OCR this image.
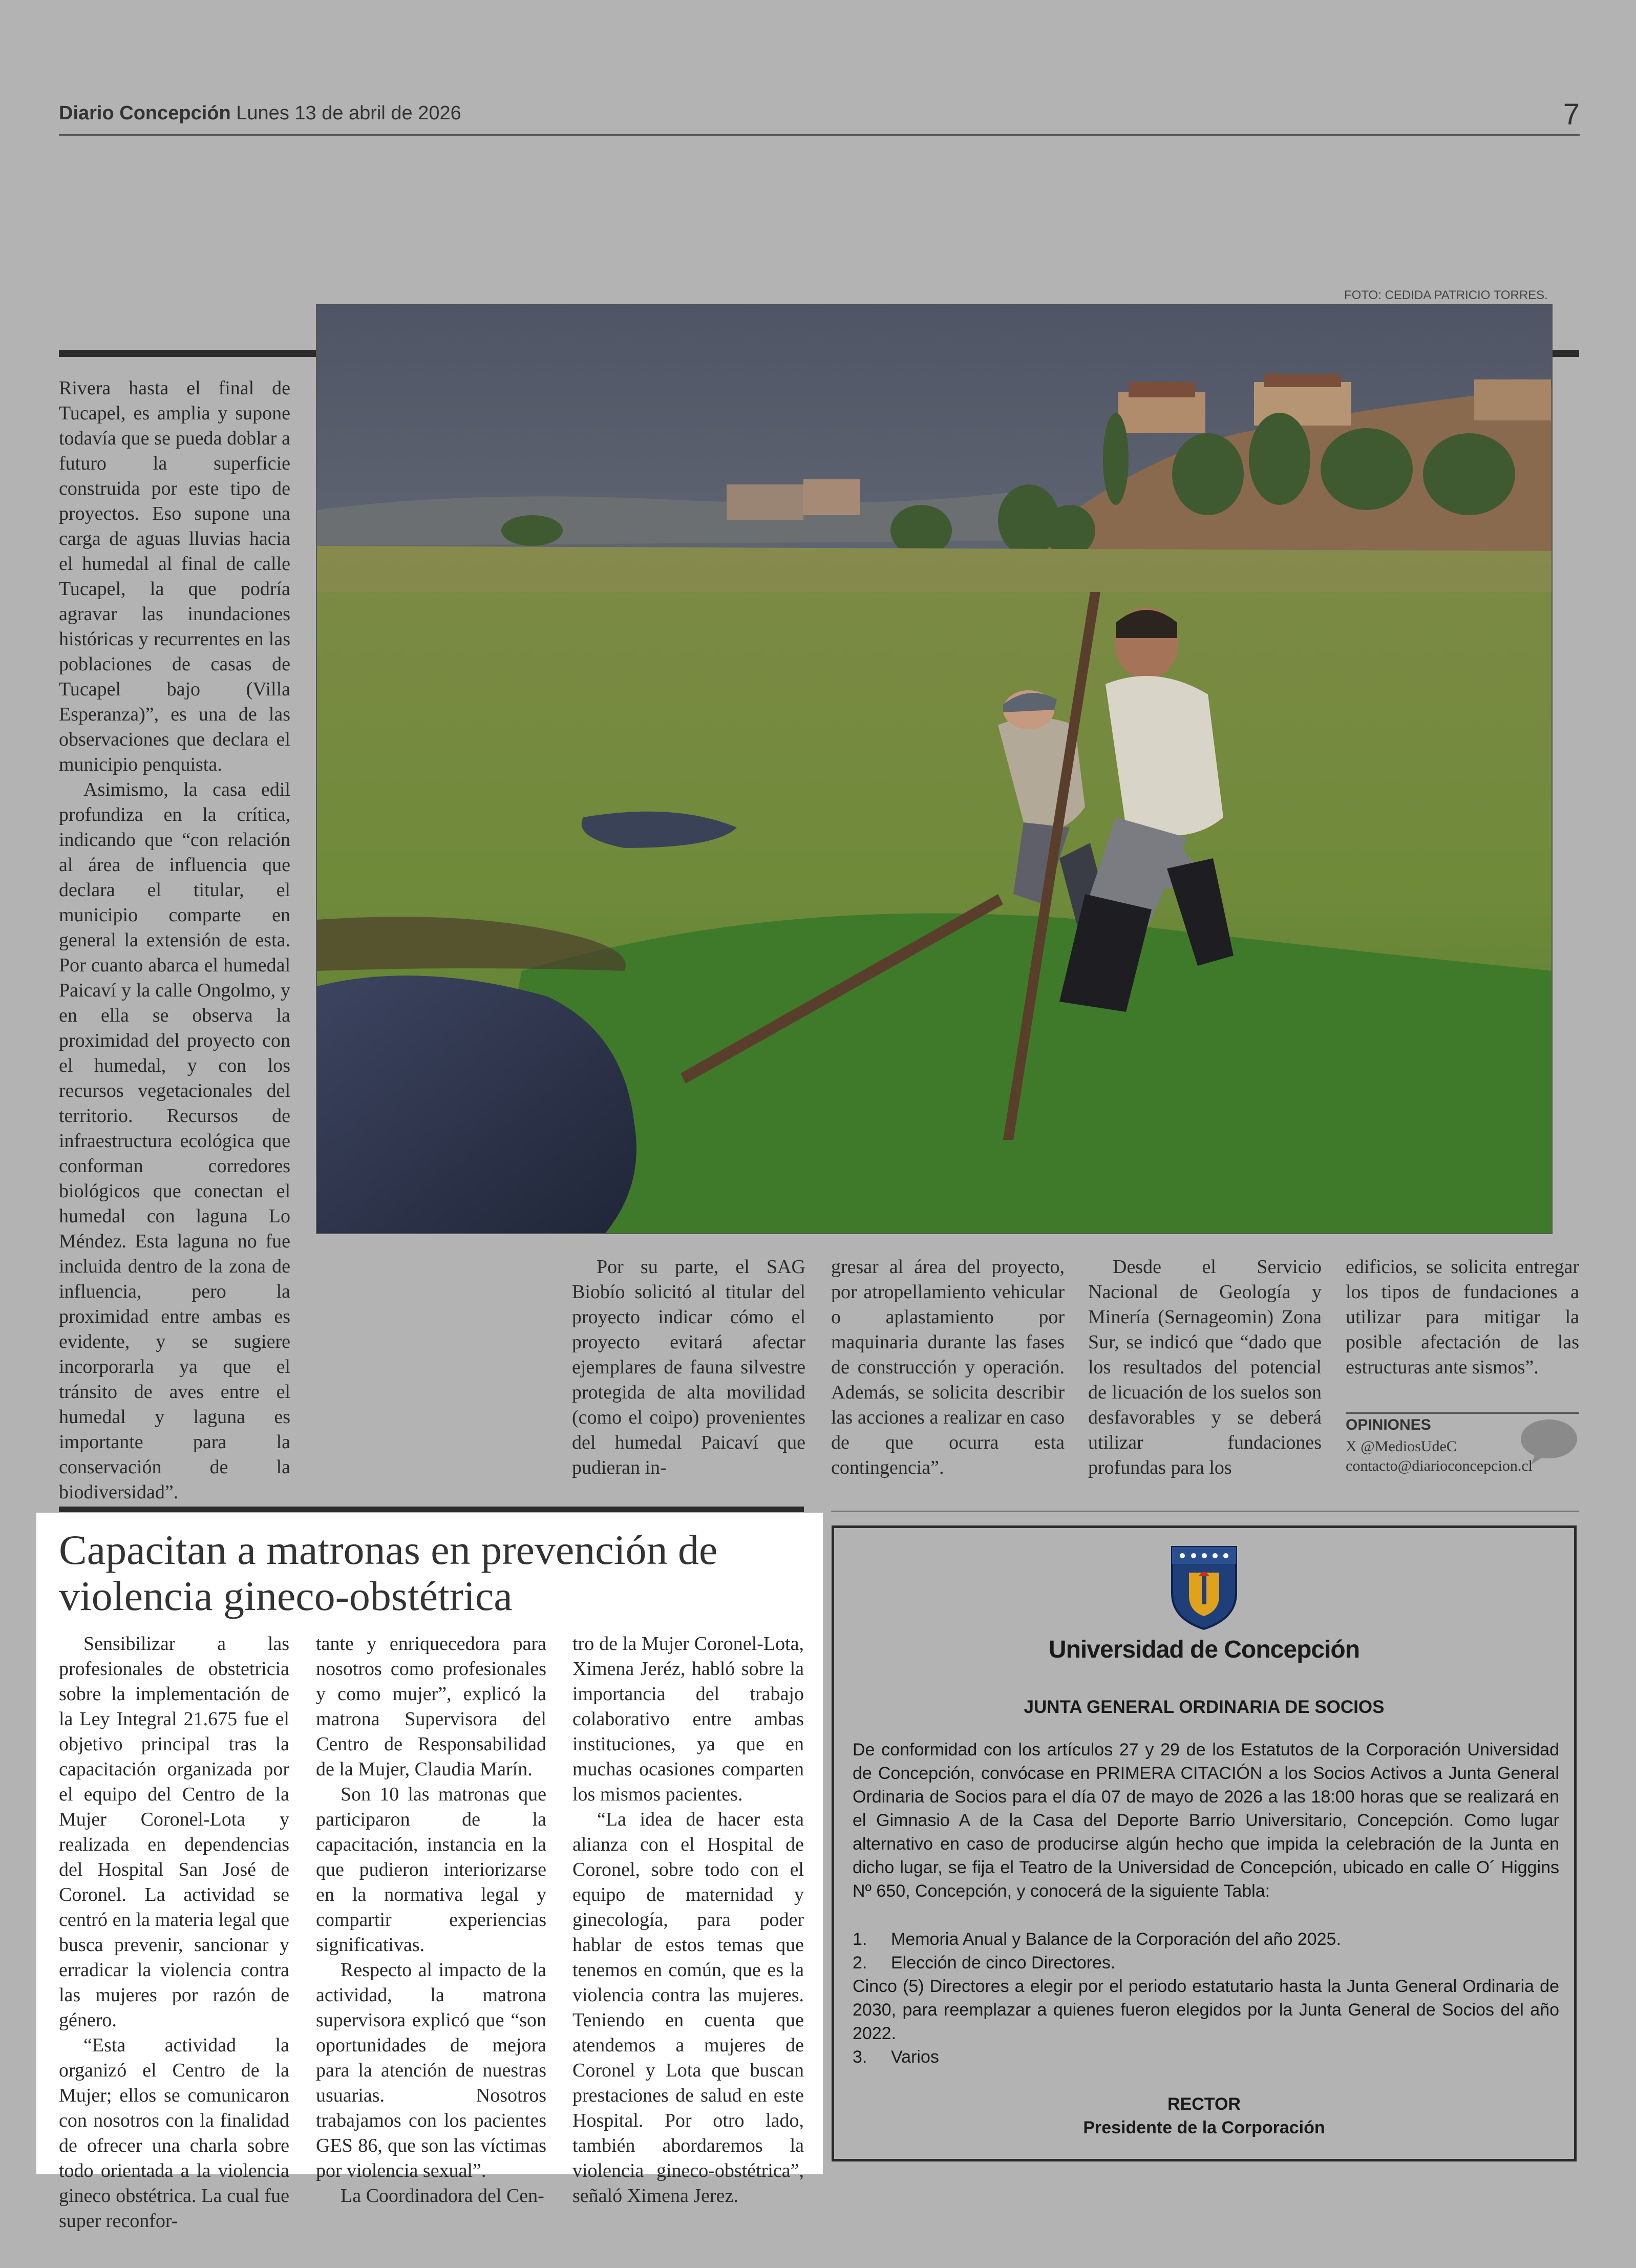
Diario Concepción Lunes 13 de abril de 2026	7
FOTO: CEDIDA PATRICIO TORRES.

Rivera hasta el final de Tucapel, es amplia y supone todavía que se pueda doblar a futuro la superficie construida por este tipo de proyectos. Eso supone una carga de aguas lluvias hacia el humedal al final de calle Tucapel, la que podría agravar las inundaciones históricas y recurrentes en las poblaciones de casas de Tucapel bajo (Villa Esperanza)”, es una de las observaciones que declara el municipio penquista.

Asimismo, la casa edil profundiza en la crítica, indicando que “con relación al área de influencia que declara el titular, el municipio comparte en general la extensión de esta. Por cuanto abarca el humedal Paicaví y la calle Ongolmo, y en ella se observa la proximidad del proyecto con el humedal, y con los recursos vegetacionales del territorio. Recursos de infraestructura ecológica que conforman corredores biológicos que conectan el humedal con laguna Lo Méndez. Esta laguna no fue incluida dentro de la zona de influencia, pero la proximidad entre ambas es evidente, y se sugiere incorporarla ya que el tránsito de aves entre el humedal y laguna es importante para la conservación de la biodiversidad”.

Por su parte, el SAG Biobío solicitó al titular del proyecto indicar cómo el proyecto evitará afectar ejemplares de fauna silvestre protegida de alta movilidad (como el coipo) provenientes del humedal Paicaví que pudieran in-

gresar al área del proyecto, por atropellamiento vehicular o aplastamiento por maquinaria durante las fases de construcción y operación. Además, se solicita describir las acciones a realizar en caso de que ocurra esta contingencia”.

Desde el Servicio Nacional de Geología y Minería (Sernageomin) Zona Sur, se indicó que “dado que los resultados del potencial de licuación de los suelos son desfavorables y se deberá utilizar fundaciones profundas para los

edificios, se solicita entregar los tipos de fundaciones a utilizar para mitigar la posible afectación de las estructuras ante sismos”.

OPINIONES
X @MediosUdeC
contacto@diarioconcepcion.cl
Capacitan a matronas en prevención de violencia gineco-obstétrica

Sensibilizar a las profesionales de obstetricia sobre la implementación de la Ley Integral 21.675 fue el objetivo principal tras la capacitación organizada por el equipo del Centro de la Mujer Coronel-Lota y realizada en dependencias del Hospital San José de Coronel. La actividad se centró en la materia legal que busca prevenir, sancionar y erradicar la violencia contra las mujeres por razón de género.

“Esta actividad la organizó el Centro de la Mujer; ellos se comunicaron con nosotros con la finalidad de ofrecer una charla sobre todo orientada a la violencia gineco obstétrica. La cual fue super reconfor-

tante y enriquecedora para nosotros como profesionales y como mujer”, explicó la matrona Supervisora del Centro de Responsabilidad de la Mujer, Claudia Marín.

Son 10 las matronas que participaron de la capacitación, instancia en la que pudieron interiorizarse en la normativa legal y compartir experiencias significativas.

Respecto al impacto de la actividad, la matrona supervisora explicó que “son oportunidades de mejora para la atención de nuestras usuarias. Nosotros trabajamos con los pacientes GES 86, que son las víctimas por violencia sexual”.

La Coordinadora del Cen-

tro de la Mujer Coronel-Lota, Ximena Jeréz, habló sobre la importancia del trabajo colaborativo entre ambas instituciones, ya que en muchas ocasiones comparten los mismos pacientes.

“La idea de hacer esta alianza con el Hospital de Coronel, sobre todo con el equipo de maternidad y ginecología, para poder hablar de estos temas que tenemos en común, que es la violencia contra las mujeres. Teniendo en cuenta que atendemos a mujeres de Coronel y Lota que buscan prestaciones de salud en este Hospital. Por otro lado, también abordaremos la violencia gineco-obstétrica”, señaló Ximena Jerez.

Universidad de Concepción
JUNTA GENERAL ORDINARIA DE SOCIOS
De conformidad con los artículos 27 y 29 de los Estatutos de la Corporación Universidad de Concepción, convócase en PRIMERA CITACIÓN a los Socios Activos a Junta General Ordinaria de Socios para el día 07 de mayo de 2026 a las 18:00 horas que se realizará en el Gimnasio A de la Casa del Deporte Barrio Universitario, Concepción. Como lugar alternativo en caso de producirse algún hecho que impida la celebración de la Junta en dicho lugar, se fija el Teatro de la Universidad de Concepción, ubicado en calle O´ Higgins Nº 650, Concepción, y conocerá de la siguiente Tabla:
1. Memoria Anual y Balance de la Corporación del año 2025.
2. Elección de cinco Directores.
Cinco (5) Directores a elegir por el periodo estatutario hasta la Junta General Ordinaria de 2030, para reemplazar a quienes fueron elegidos por la Junta General de Socios del año 2022.
3. Varios
RECTOR
Presidente de la Corporación
